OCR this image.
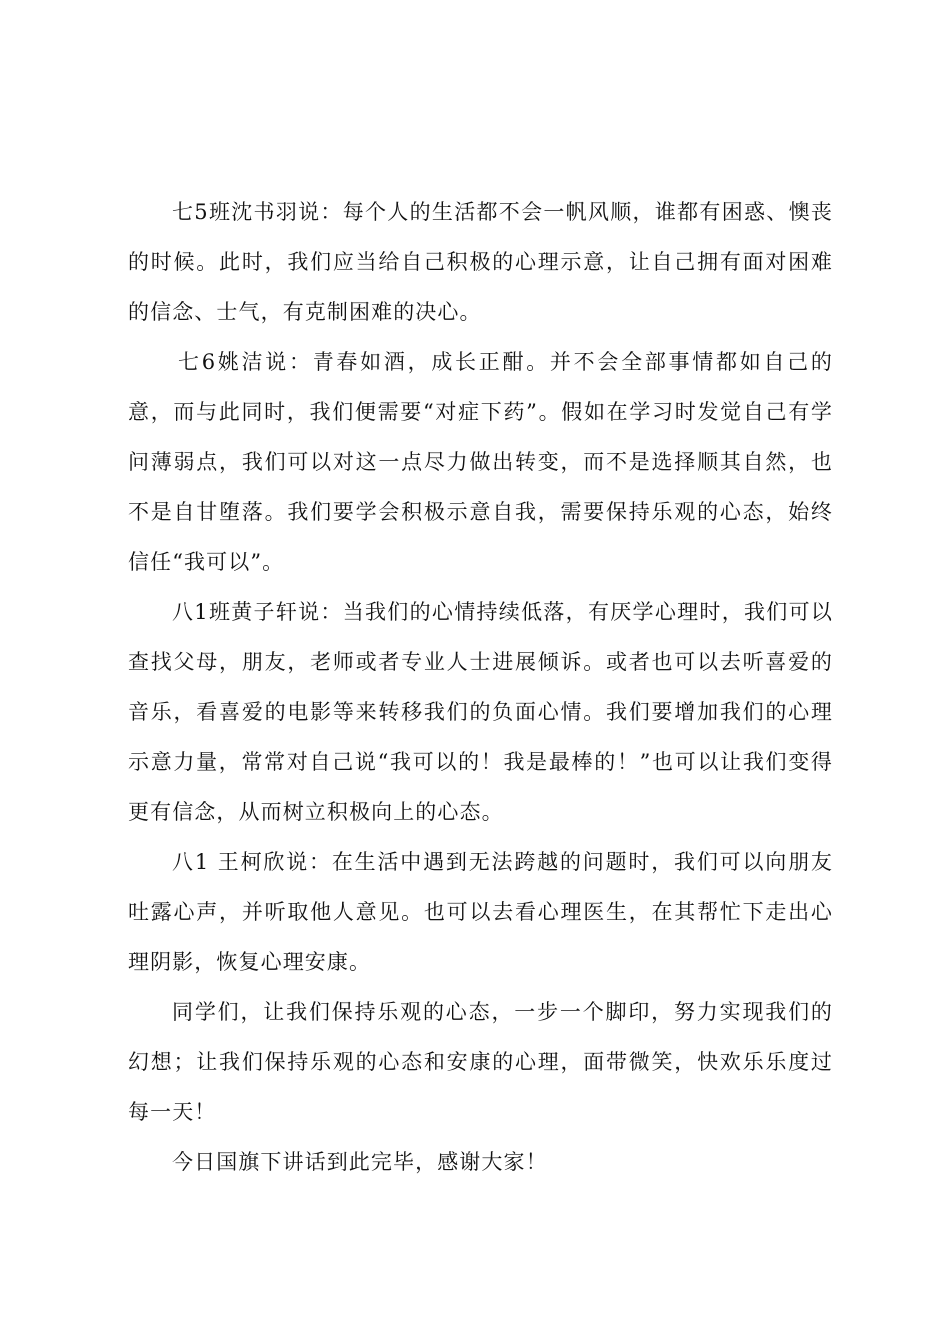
七5班沈书羽说：每个人的生活都不会一帆风顺，谁都有困惑、懊丧的时候。此时，我们应当给自己积极的心理示意，让自己拥有面对困难的信念、士气，有克制困难的决心。

七6姚洁说：青春如酒，成长正酣。并不会全部事情都如自己的意，而与此同时，我们便需要“对症下药”。假如在学习时发觉自己有学问薄弱点，我们可以对这一点尽力做出转变，而不是选择顺其自然，也不是自甘堕落。我们要学会积极示意自我，需要保持乐观的心态，始终信任“我可以”。

八1班黄子轩说：当我们的心情持续低落，有厌学心理时，我们可以查找父母，朋友，老师或者专业人士进展倾诉。或者也可以去听喜爱的音乐，看喜爱的电影等来转移我们的负面心情。我们要增加我们的心理示意力量，常常对自己说“我可以的！我是最棒的！”也可以让我们变得更有信念，从而树立积极向上的心态。

八1 王柯欣说：在生活中遇到无法跨越的问题时，我们可以向朋友吐露心声，并听取他人意见。也可以去看心理医生，在其帮忙下走出心理阴影，恢复心理安康。

同学们，让我们保持乐观的心态，一步一个脚印，努力实现我们的幻想；让我们保持乐观的心态和安康的心理，面带微笑，快欢乐乐度过每一天！

今日国旗下讲话到此完毕，感谢大家！
